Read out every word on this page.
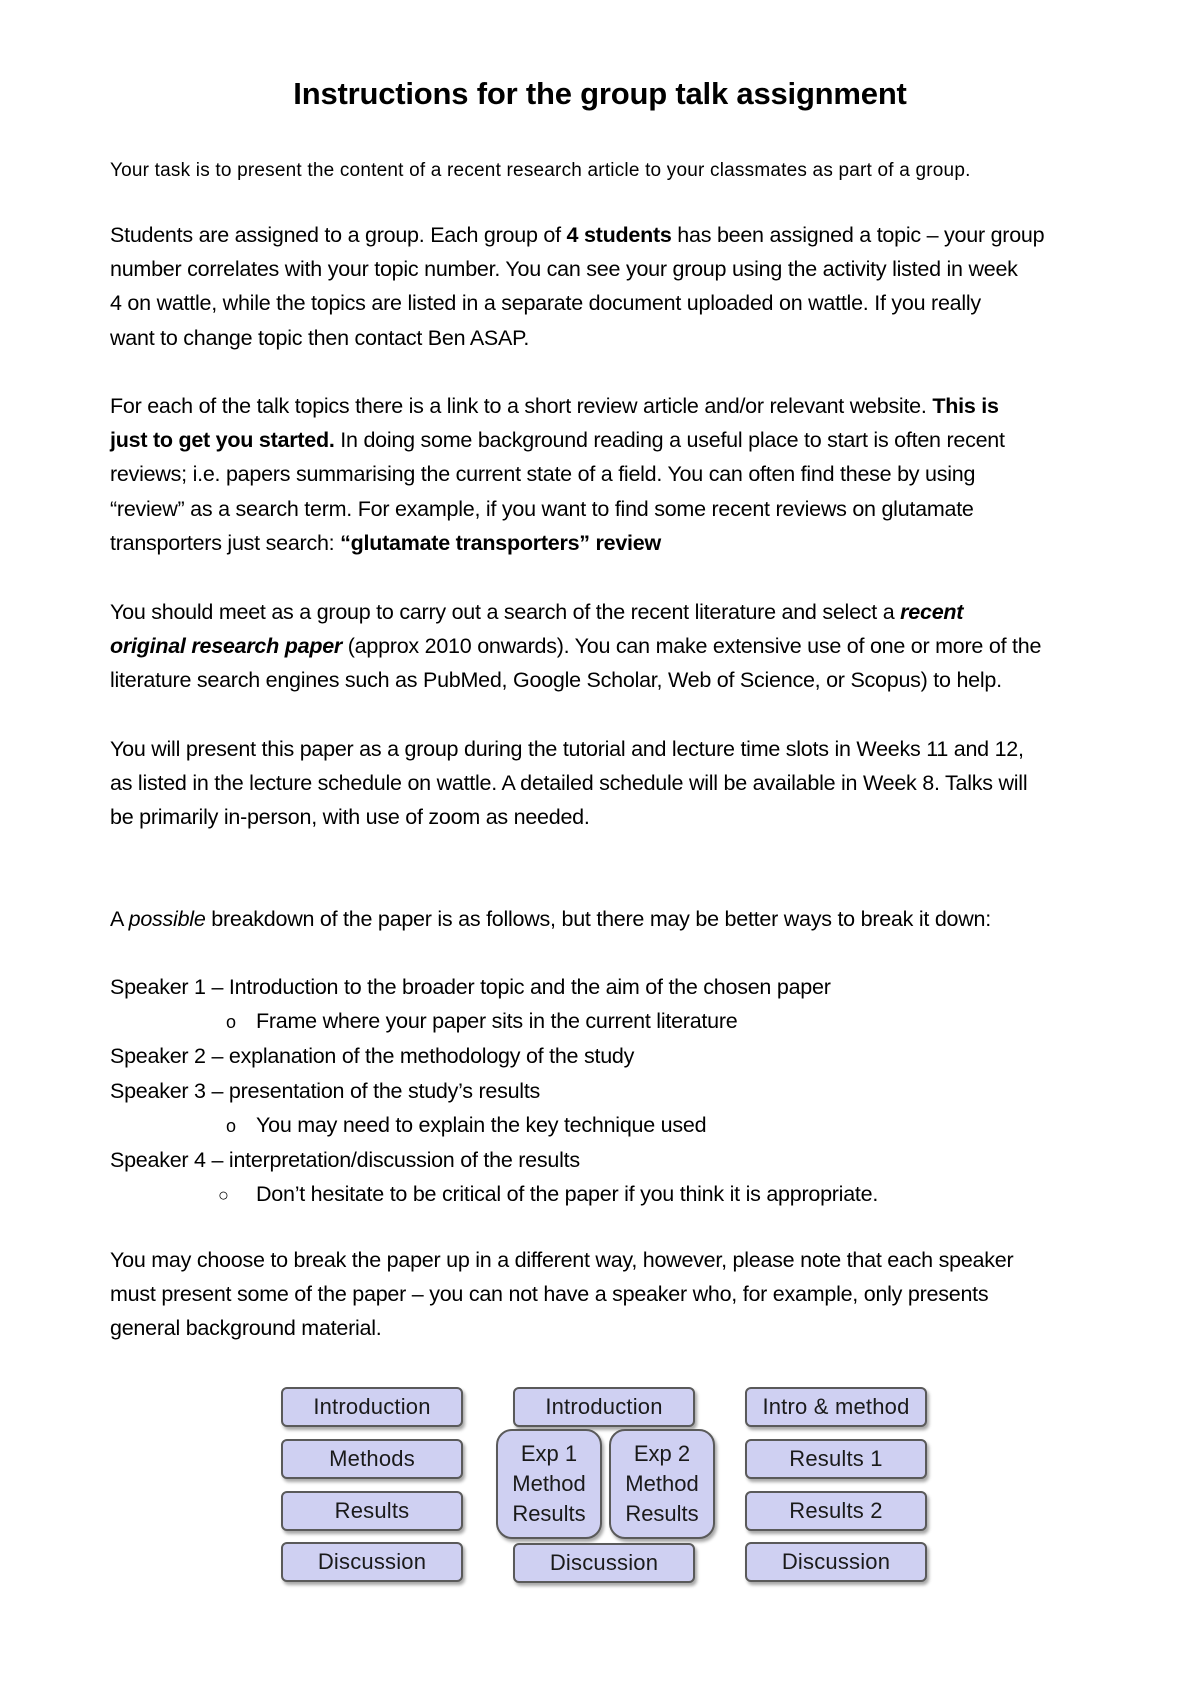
Instructions for the group talk assignment

Your task is to present the content of a recent research article to your classmates as part of a group.

Students are assigned to a group. Each group of 4 students has been assigned a topic – your group
number correlates with your topic number. You can see your group using the activity listed in week
4 on wattle, while the topics are listed in a separate document uploaded on wattle. If you really
want to change topic then contact Ben ASAP.

For each of the talk topics there is a link to a short review article and/or relevant website. This is
just to get you started. In doing some background reading a useful place to start is often recent
reviews; i.e. papers summarising the current state of a field. You can often find these by using
“review” as a search term. For example, if you want to find some recent reviews on glutamate
transporters just search: “glutamate transporters” review

You should meet as a group to carry out a search of the recent literature and select a recent
original research paper (approx 2010 onwards). You can make extensive use of one or more of the
literature search engines such as PubMed, Google Scholar, Web of Science, or Scopus) to help.

You will present this paper as a group during the tutorial and lecture time slots in Weeks 11 and 12,
as listed in the lecture schedule on wattle. A detailed schedule will be available in Week 8. Talks will
be primarily in-person, with use of zoom as needed.

A possible breakdown of the paper is as follows, but there may be better ways to break it down:

Speaker 1 – Introduction to the broader topic and the aim of the chosen paper
o Frame where your paper sits in the current literature
Speaker 2 – explanation of the methodology of the study
Speaker 3 – presentation of the study’s results
o You may need to explain the key technique used
Speaker 4 – interpretation/discussion of the results
○ Don’t hesitate to be critical of the paper if you think it is appropriate.

You may choose to break the paper up in a different way, however, please note that each speaker
must present some of the paper – you can not have a speaker who, for example, only presents
general background material.

Introduction
Methods
Results
Discussion
Introduction
Exp 1
Method
Results
Exp 2
Method
Results
Discussion
Intro & method
Results 1
Results 2
Discussion
